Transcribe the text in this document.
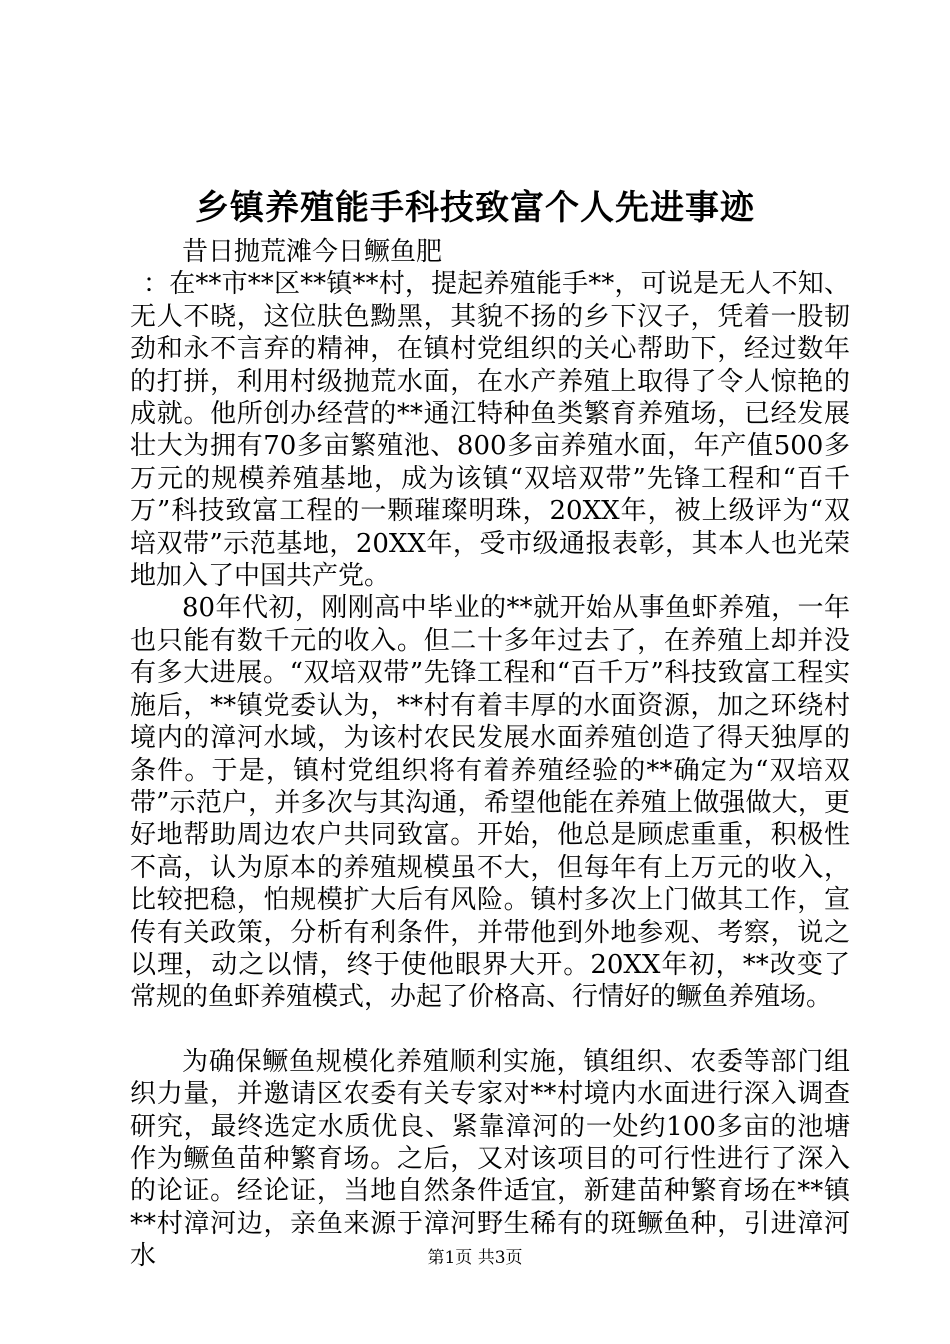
乡镇养殖能手科技致富个人先进事迹

昔日抛荒滩今日鳜鱼肥

：在**市**区**镇**村，提起养殖能手**，可说是无人不知、无人不晓，这位肤色黝黑，其貌不扬的乡下汉子，凭着一股韧劲和永不言弃的精神，在镇村党组织的关心帮助下，经过数年的打拼，利用村级抛荒水面，在水产养殖上取得了令人惊艳的成就。他所创办经营的**通江特种鱼类繁育养殖场，已经发展壮大为拥有70多亩繁殖池、800多亩养殖水面，年产值500多万元的规模养殖基地，成为该镇“双培双带”先锋工程和“百千万”科技致富工程的一颗璀璨明珠，20XX年，被上级评为“双培双带”示范基地，20XX年，受市级通报表彰，其本人也光荣地加入了中国共产党。

80年代初，刚刚高中毕业的**就开始从事鱼虾养殖，一年也只能有数千元的收入。但二十多年过去了，在养殖上却并没有多大进展。“双培双带”先锋工程和“百千万”科技致富工程实施后，**镇党委认为，**村有着丰厚的水面资源，加之环绕村境内的漳河水域，为该村农民发展水面养殖创造了得天独厚的条件。于是，镇村党组织将有着养殖经验的**确定为“双培双带”示范户，并多次与其沟通，希望他能在养殖上做强做大，更好地帮助周边农户共同致富。开始，他总是顾虑重重，积极性不高，认为原本的养殖规模虽不大，但每年有上万元的收入，比较把稳，怕规模扩大后有风险。镇村多次上门做其工作，宣传有关政策，分析有利条件，并带他到外地参观、考察，说之以理，动之以情，终于使他眼界大开。20XX年初，**改变了常规的鱼虾养殖模式，办起了价格高、行情好的鳜鱼养殖场。

为确保鳜鱼规模化养殖顺利实施，镇组织、农委等部门组织力量，并邀请区农委有关专家对**村境内水面进行深入调查研究，最终选定水质优良、紧靠漳河的一处约100多亩的池塘作为鳜鱼苗种繁育场。之后，又对该项目的可行性进行了深入的论证。经论证，当地自然条件适宜，新建苗种繁育场在**镇**村漳河边，亲鱼来源于漳河野生稀有的斑鳜鱼种，引进漳河水	第1页 共3页
